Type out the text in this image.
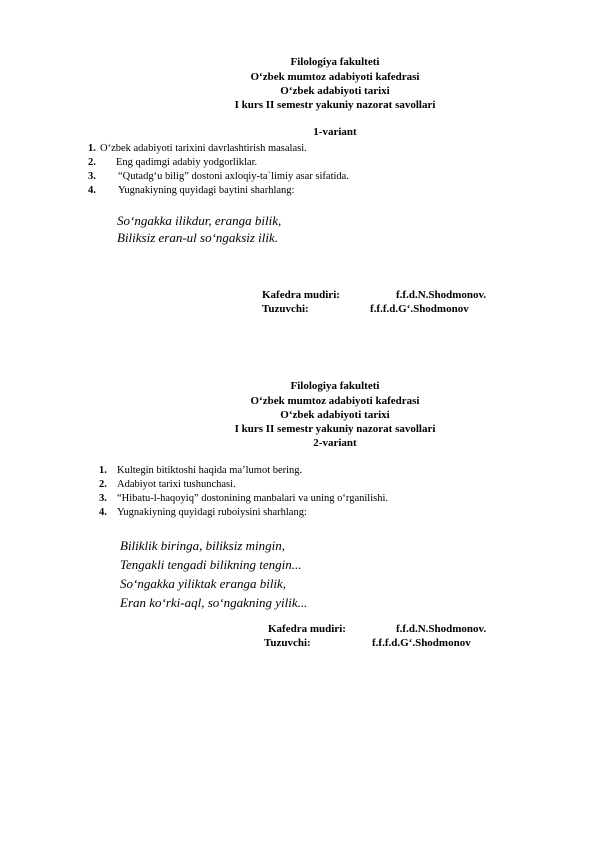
Filologiya fakulteti
O‘zbek mumtoz adabiyoti kafedrasi
O‘zbek adabiyoti tarixi
I kurs II semestr yakuniy nazorat savollari
1-variant
1. O‘zbek adabiyoti tarixini davrlashtirish masalasi.
2. Eng qadimgi adabiy yodgorliklar.
3. “Qutadg‘u bilig” dostoni axloqiy-ta`limiy asar sifatida.
4. Yugnakiyning quyidagi baytini sharhlang:
So‘ngakka ilikdur, eranga bilik,
Biliksiz eran-ul so‘ngaksiz ilik.
Kafedra mudiri:	f.f.d.N.Shodmonov.
Tuzuvchi:	f.f.f.d.G‘.Shodmonov
Filologiya fakulteti
O‘zbek mumtoz adabiyoti kafedrasi
O‘zbek adabiyoti tarixi
I kurs II semestr yakuniy nazorat savollari
2-variant
1. Kultegin bitiktoshi haqida ma’lumot bering.
2. Adabiyot tarixi tushunchasi.
3. “Hibatu-l-haqoyiq” dostonining manbalari va uning o‘rganilishi.
4. Yugnakiyning quyidagi ruboiysini sharhlang:
Biliklik biringa, biliksiz mingin,
Tengakli tengadi bilikning tengin...
So‘ngakka yiliktak eranga bilik,
Eran ko‘rki-aql, so‘ngakning yilik...
Kafedra mudiri:	f.f.d.N.Shodmonov.
Tuzuvchi:	f.f.f.d.G‘.Shodmonov
